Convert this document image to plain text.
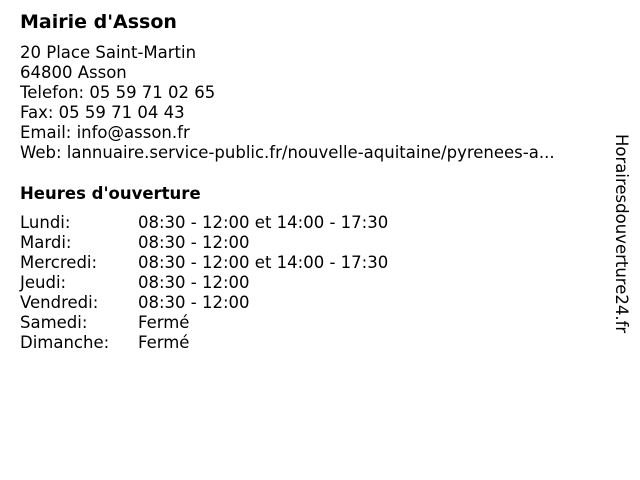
Mairie d'Asson
20 Place Saint-Martin
64800 Asson
Telefon: 05 59 71 02 65
Fax: 05 59 71 04 43
Email: info@asson.fr
Web: lannuaire.service-public.fr/nouvelle-aquitaine/pyrenees-a...
Heures d'ouverture
Lundi:	08:30 - 12:00 et 14:00 - 17:30
Mardi:	08:30 - 12:00
Mercredi: 08:30 - 12:00 et 14:00 - 17:30
Jeudi:	08:30 - 12:00
Vendredi: 08:30 - 12:00
Samedi:	Fermé
Dimanche: Fermé
Horairesdouverture24.fr
